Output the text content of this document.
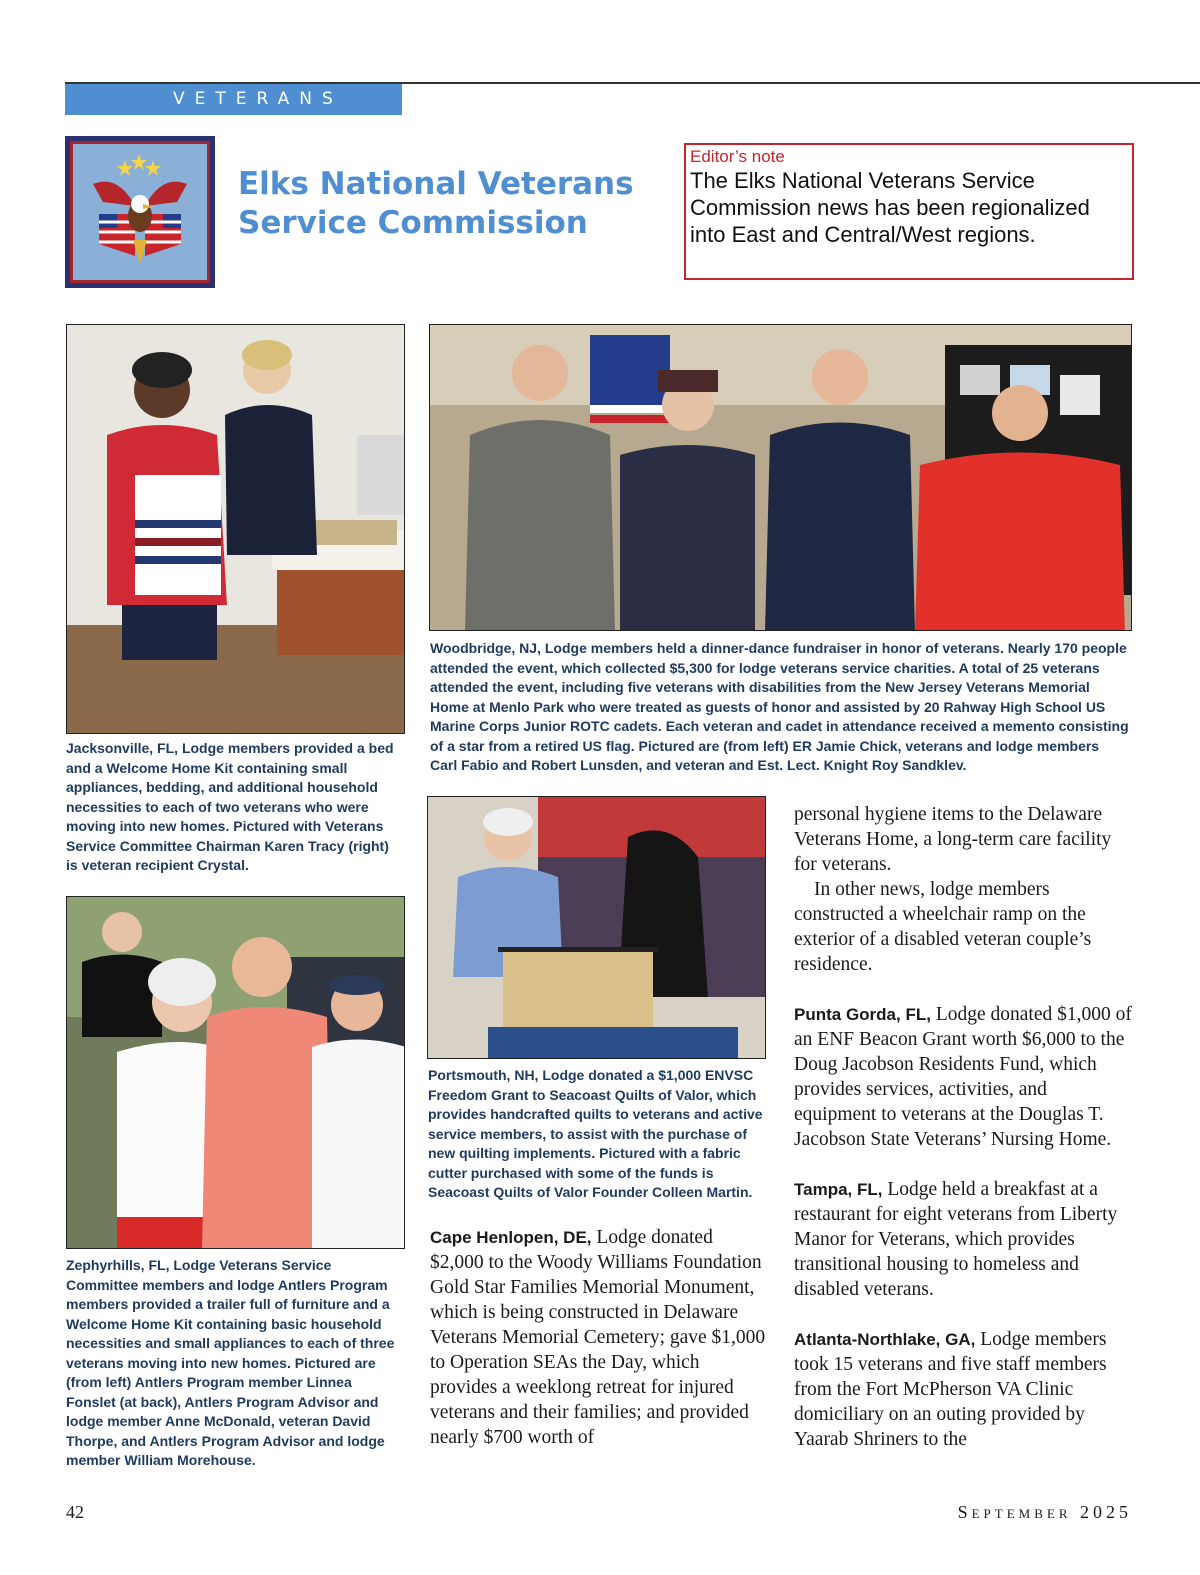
VETERANS
Elks National Veterans
Service Commission
Editor’s note
The Elks National Veterans Service Commission news has been regionalized into East and Central/West regions.
Jacksonville, FL, Lodge members provided a bed and a Welcome Home Kit containing small appliances, bedding, and additional household necessities to each of two veterans who were moving into new homes. Pictured with Veterans Service Committee Chairman Karen Tracy (right) is veteran recipient Crystal.
Woodbridge, NJ, Lodge members held a dinner-dance fundraiser in honor of veterans. Nearly 170 people attended the event, which collected $5,300 for lodge veterans service charities. A total of 25 veterans attended the event, including five veterans with disabilities from the New Jersey Veterans Memorial Home at Menlo Park who were treated as guests of honor and assisted by 20 Rahway High School US Marine Corps Junior ROTC cadets. Each veteran and cadet in attendance received a memento consisting of a star from a retired US flag. Pictured are (from left) ER Jamie Chick, veterans and lodge members Carl Fabio and Robert Lunsden, and veteran and Est. Lect. Knight Roy Sandklev.
Portsmouth, NH, Lodge donated a $1,000 ENVSC Freedom Grant to Seacoast Quilts of Valor, which provides handcrafted quilts to veterans and active service members, to assist with the purchase of new quilting implements. Pictured with a fabric cutter purchased with some of the funds is Seacoast Quilts of Valor Founder Colleen Martin.
Zephyrhills, FL, Lodge Veterans Service Committee members and lodge Antlers Program members provided a trailer full of furniture and a Welcome Home Kit containing basic household necessities and small appliances to each of three veterans moving into new homes. Pictured are (from left) Antlers Program member Linnea Fonslet (at back), Antlers Program Advisor and lodge member Anne McDonald, veteran David Thorpe, and Antlers Program Advisor and lodge member William Morehouse.

Cape Henlopen, DE, Lodge donated $2,000 to the Woody Williams Foundation Gold Star Families Memorial Monument, which is being constructed in Delaware Veterans Memorial Cemetery; gave $1,000 to Operation SEAs the Day, which provides a weeklong retreat for injured veterans and their families; and provided nearly $700 worth of

personal hygiene items to the Delaware Veterans Home, a long-term care facility for veterans.

In other news, lodge members constructed a wheelchair ramp on the exterior of a disabled veteran couple’s residence.

Punta Gorda, FL, Lodge donated $1,000 of an ENF Beacon Grant worth $6,000 to the Doug Jacobson Residents Fund, which provides services, activities, and equipment to veterans at the Douglas T. Jacobson State Veterans’ Nursing Home.

Tampa, FL, Lodge held a breakfast at a restaurant for eight veterans from Liberty Manor for Veterans, which provides transitional housing to homeless and disabled veterans.

Atlanta-Northlake, GA, Lodge members took 15 veterans and five staff members from the Fort McPherson VA Clinic domiciliary on an outing provided by Yaarab Shriners to the

42	September 2025
